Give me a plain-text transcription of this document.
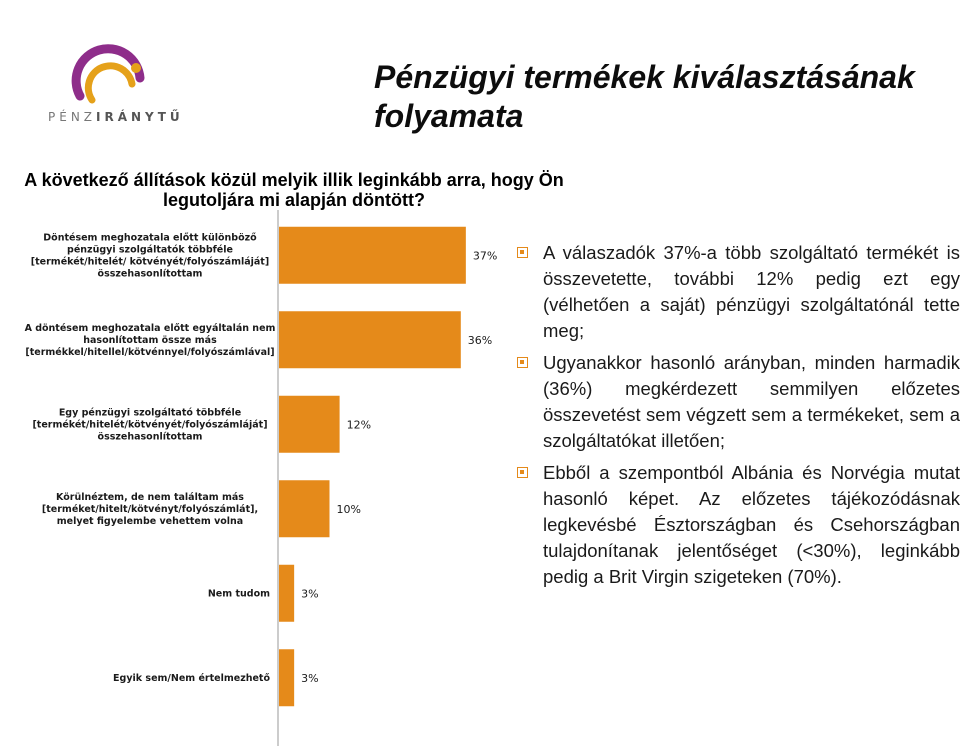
PÉNZIRÁNYTŰ
Pénzügyi termékek kiválasztásának folyamata
A következő állítások közül melyik illik leginkább arra, hogy Ön legutoljára mi alapján döntött?
37%
Döntésem meghozatala előtt különböző pénzügyi szolgáltatók többféle [termékét/hitelét/ kötvényét/folyószámláját] összehasonlítottam
36%
A döntésem meghozatala előtt egyáltalán nem hasonlítottam össze más [termékkel/hitellel/kötvénnyel/folyószámlával]
12%
Egy pénzügyi szolgáltató többféle [termékét/hitelét/kötvényét/folyószámláját] összehasonlítottam
10%
Körülnéztem, de nem találtam más [terméket/hitelt/kötvényt/folyószámlát], melyet figyelembe vehettem volna
3%
Nem tudom
3%
Egyik sem/Nem értelmezhető
A válaszadók 37%-a több szolgáltató termékét is összevetette, további 12% pedig ezt egy (vélhetően a saját) pénzügyi szolgáltatónál tette meg;
Ugyanakkor hasonló arányban, minden harmadik (36%) megkérdezett semmilyen előzetes összevetést sem végzett sem a termékeket, sem a szolgáltatókat illetően;
Ebből a szempontból Albánia és Norvégia mutat hasonló képet. Az előzetes tájékozódásnak legkevésbé Észtországban és Csehországban tulajdonítanak jelentőséget (<30%), leginkább pedig a Brit Virgin szigeteken (70%).
